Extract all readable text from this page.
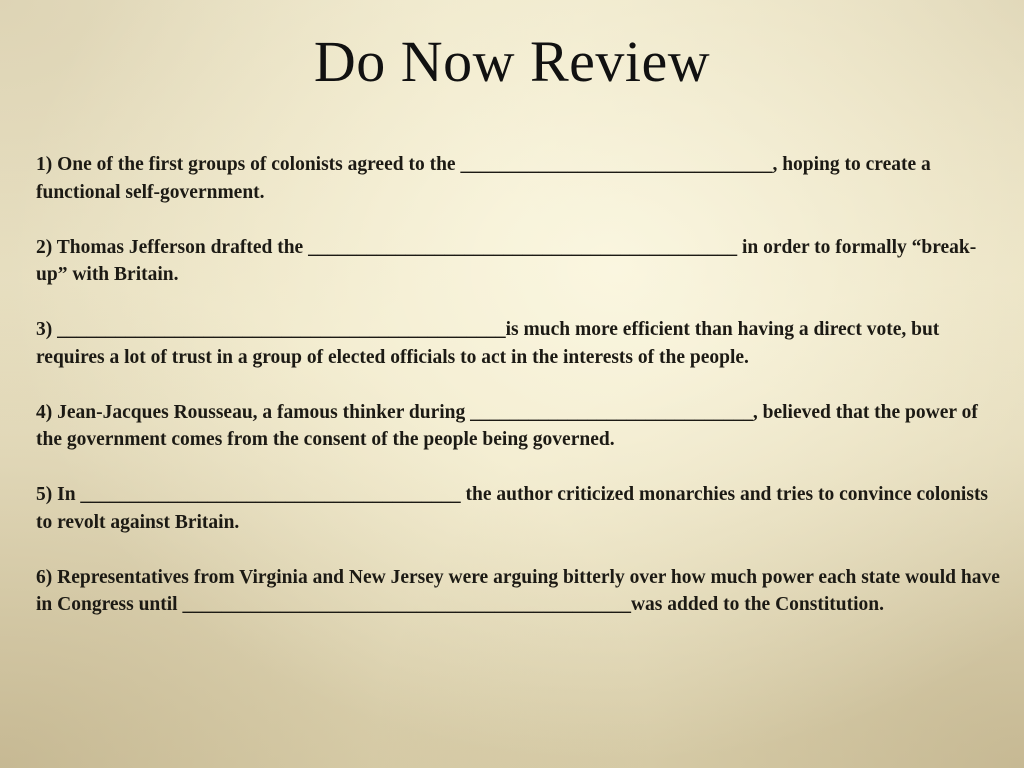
Do Now Review

1) One of the first groups of colonists agreed to the ________________________________, hoping to create a functional self-government.

2) Thomas Jefferson drafted the ____________________________________________ in order to formally “break-up” with Britain.

3) ______________________________________________is much more efficient than having a direct vote, but requires a lot of trust in a group of elected officials to act in the interests of the people.

4) Jean-Jacques Rousseau, a famous thinker during _____________________________, believed that the power of the government comes from the consent of the people being governed.

5) In _______________________________________ the author criticized monarchies and tries to convince colonists to revolt against Britain.

6) Representatives from Virginia and New Jersey were arguing bitterly over how much power each state would have in Congress until ______________________________________________was added to the Constitution.
